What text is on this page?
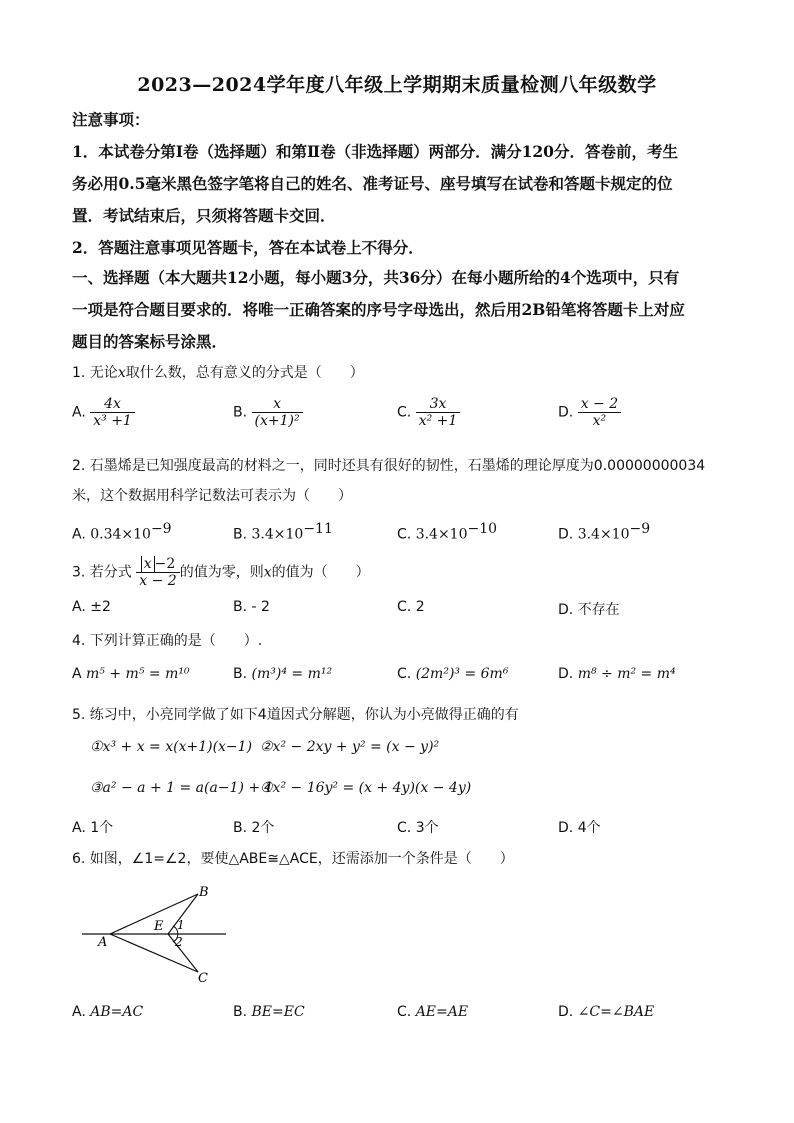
2023—2024学年度八年级上学期期末质量检测八年级数学
注意事项：
1．本试卷分第Ⅰ卷（选择题）和第Ⅱ卷（非选择题）两部分．满分120分．答卷前，考生
务必用0.5毫米黑色签字笔将自己的姓名、准考证号、座号填写在试卷和答题卡规定的位
置．考试结束后，只须将答题卡交回．
2．答题注意事项见答题卡，答在本试卷上不得分．
一、选择题（本大题共12小题，每小题3分，共36分）在每小题所给的4个选项中，只有
一项是符合题目要求的．将唯一正确答案的序号字母选出，然后用2B铅笔将答题卡上对应
题目的答案标号涂黑．
1. 无论x取什么数，总有意义的分式是（　　）
A. $\frac{4x}{\text{x³ +1}}$	B. $\frac{x}{\text{(x+1)²}}$	C. $\frac{3x}{\text{x² +1}}$	D. $\frac{x - 2}{\text{x²}}$
2. 石墨烯是已知强度最高的材料之一，同时还具有很好的韧性，石墨烯的理论厚度为0.00000000034
米，这个数据用科学记数法可表示为（　　）
A. $0.34\times 10^{-9}$	B. $3.4\times 10^{-11}$	C. $3.4\times 10^{-10}$	D. $3.4\times 10^{-9}$
3. 若分式 $\frac{x -2}{x - 2}$ 的值为零，则x的值为（　　）
A. ±2	B. - 2	C. 2	D. 不存在
4. 下列计算正确的是（　　）.
A m⁵ + m⁵ = m¹⁰	B. (m³)⁴ = m¹²	C. (2m²)³ = 6m⁶	D. m⁸ ÷ m² = m⁴
5. 练习中，小亮同学做了如下4道因式分解题，你认为小亮做得正确的有
①x³ + x = x(x+1)(x−1) ②x² − 2xy + y² = (x − y)²
③a² − a + 1 = a(a−1) + 1
④x² − 16y² = (x + 4y)(x − 4y)
A. 1个	B. 2个	C. 3个	D. 4个
6. 如图，∠1=∠2，要使△ABE≅△ACE，还需添加一个条件是（　　）
A
B
C
E 1
2
A. AB=AC	B. BE=EC	C. AE=AE	D. ∠C=∠BAE
